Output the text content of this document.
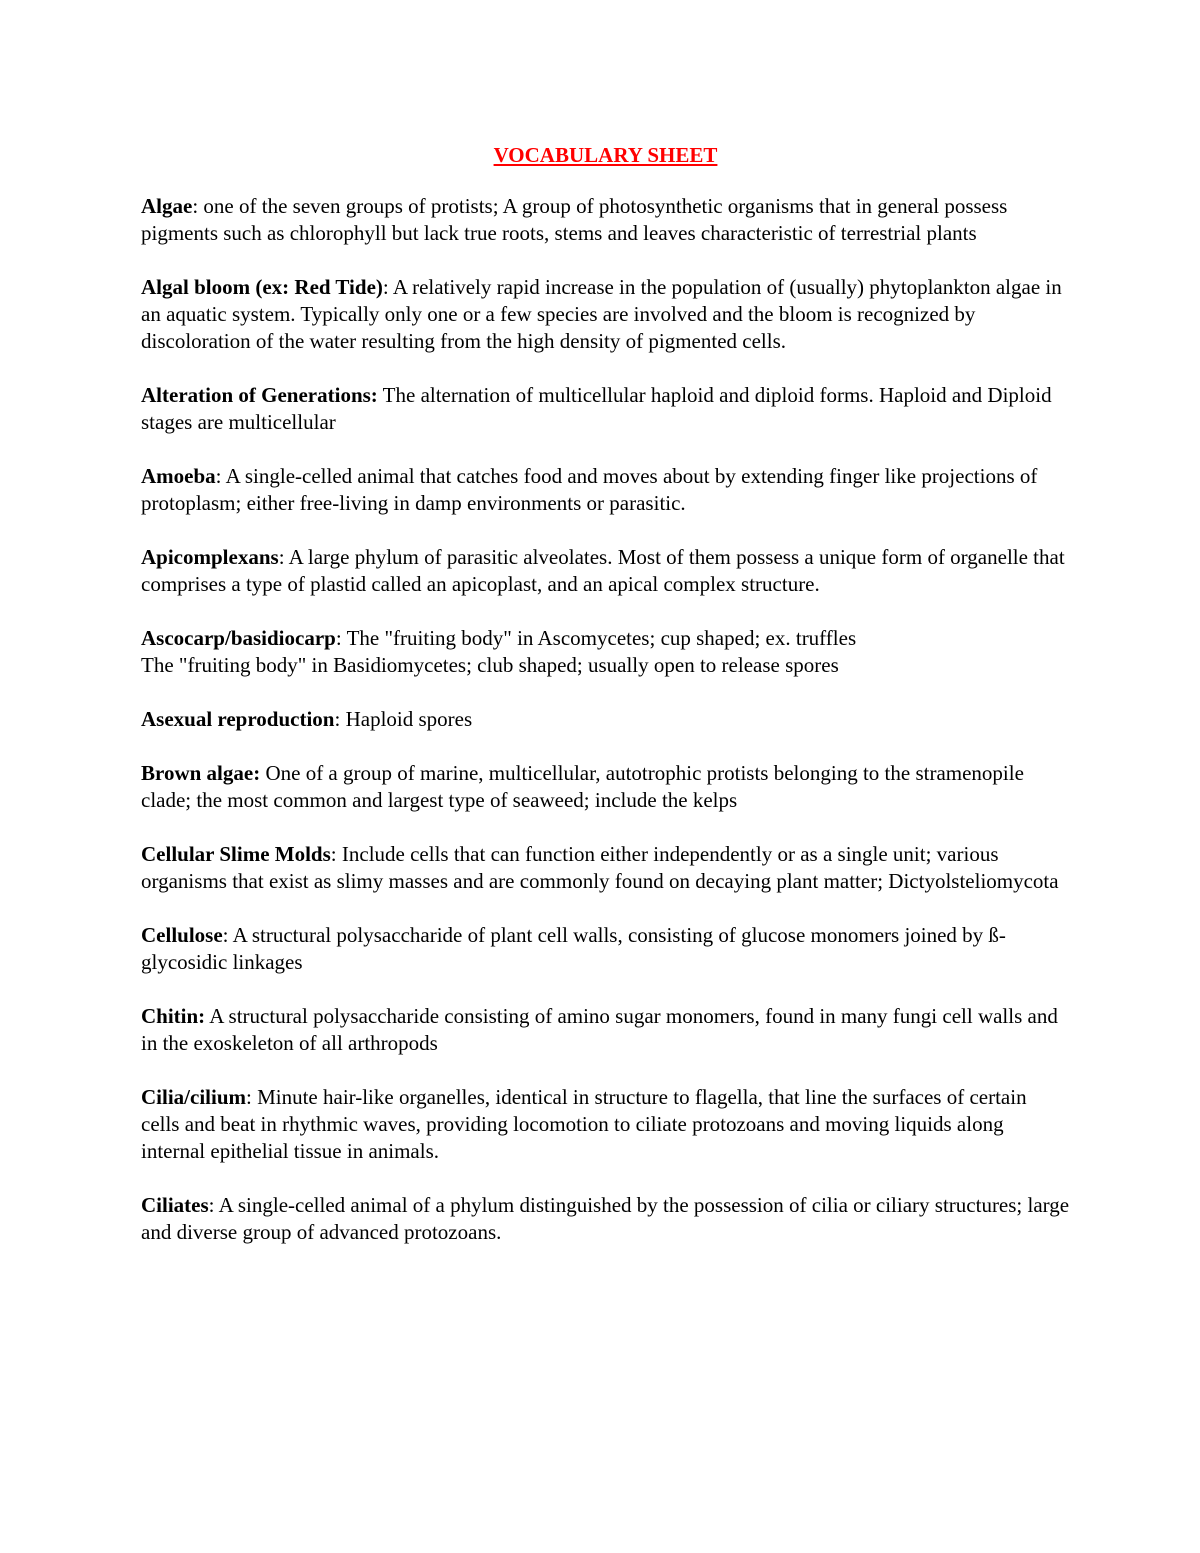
VOCABULARY SHEET

Algae: one of the seven groups of protists; A group of photosynthetic organisms that in general possess pigments such as chlorophyll but lack true roots, stems and leaves characteristic of terrestrial plants

Algal bloom (ex: Red Tide): A relatively rapid increase in the population of (usually) phytoplankton algae in an aquatic system. Typically only one or a few species are involved and the bloom is recognized by discoloration of the water resulting from the high density of pigmented cells.

Alteration of Generations: The alternation of multicellular haploid and diploid forms. Haploid and Diploid stages are multicellular

Amoeba: A single-celled animal that catches food and moves about by extending finger like projections of protoplasm; either free-living in damp environments or parasitic.

Apicomplexans: A large phylum of parasitic alveolates. Most of them possess a unique form of organelle that comprises a type of plastid called an apicoplast, and an apical complex structure.

Ascocarp/basidiocarp: The "fruiting body" in Ascomycetes; cup shaped; ex. truffles
The "fruiting body" in Basidiomycetes; club shaped; usually open to release spores

Asexual reproduction: Haploid spores

Brown algae: One of a group of marine, multicellular, autotrophic protists belonging to the stramenopile clade; the most common and largest type of seaweed; include the kelps

Cellular Slime Molds: Include cells that can function either independently or as a single unit; various organisms that exist as slimy masses and are commonly found on decaying plant matter; Dictyolsteliomycota

Cellulose: A structural polysaccharide of plant cell walls, consisting of glucose monomers joined by ß-glycosidic linkages

Chitin: A structural polysaccharide consisting of amino sugar monomers, found in many fungi cell walls and in the exoskeleton of all arthropods

Cilia/cilium: Minute hair-like organelles, identical in structure to flagella, that line the surfaces of certain cells and beat in rhythmic waves, providing locomotion to ciliate protozoans and moving liquids along internal epithelial tissue in animals.

Ciliates: A single-celled animal of a phylum distinguished by the possession of cilia or ciliary structures; large and diverse group of advanced protozoans.
